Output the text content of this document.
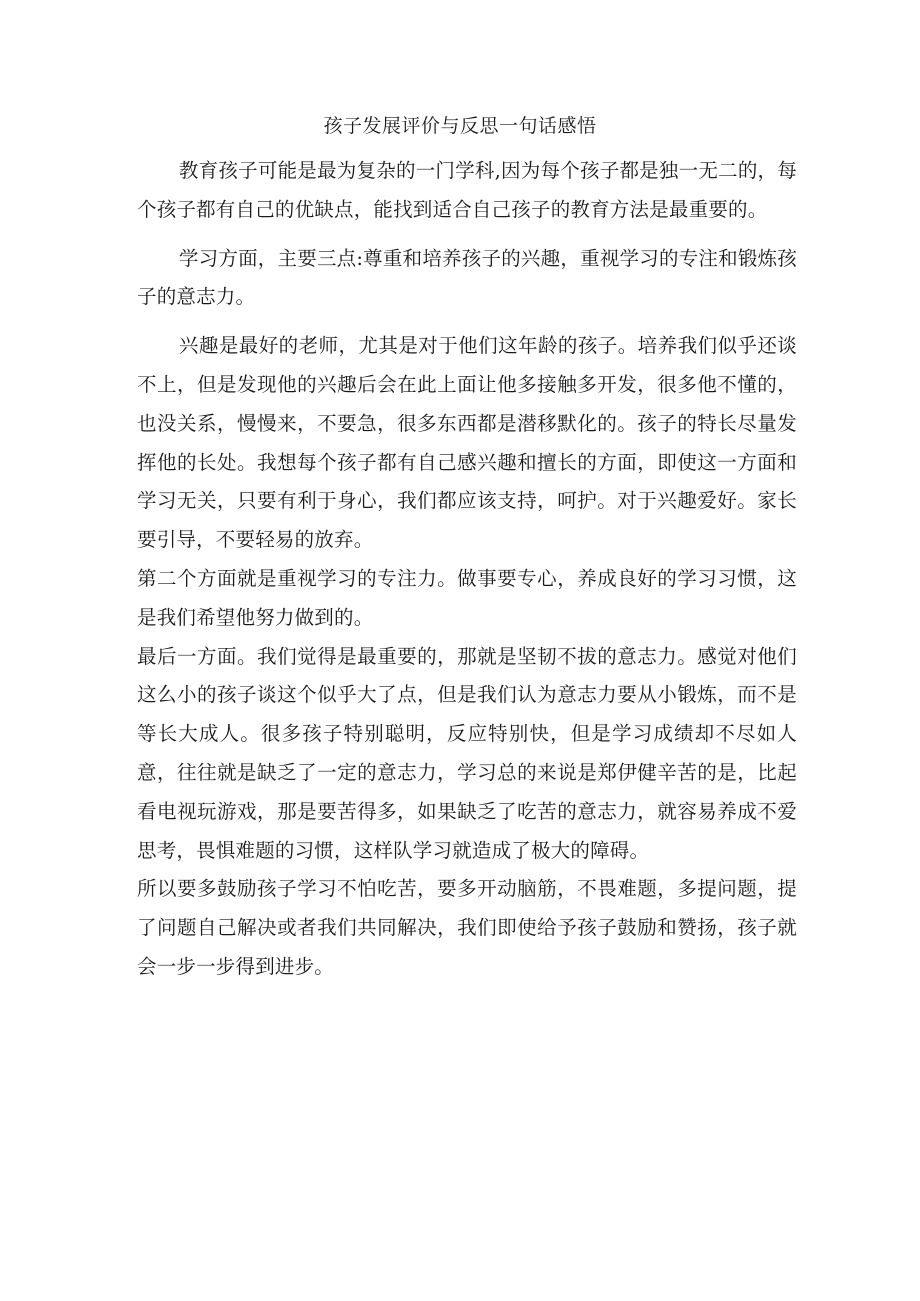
孩子发展评价与反思一句话感悟

教育孩子可能是最为复杂的一门学科,因为每个孩子都是独一无二的，每个孩子都有自己的优缺点，能找到适合自己孩子的教育方法是最重要的。

学习方面，主要三点:尊重和培养孩子的兴趣，重视学习的专注和锻炼孩子的意志力。

兴趣是最好的老师，尤其是对于他们这年龄的孩子。培养我们似乎还谈不上，但是发现他的兴趣后会在此上面让他多接触多开发，很多他不懂的，也没关系，慢慢来，不要急，很多东西都是潜移默化的。孩子的特长尽量发挥他的长处。我想每个孩子都有自己感兴趣和擅长的方面，即使这一方面和学习无关，只要有利于身心，我们都应该支持，呵护。对于兴趣爱好。家长要引导，不要轻易的放弃。

第二个方面就是重视学习的专注力。做事要专心，养成良好的学习习惯，这是我们希望他努力做到的。

最后一方面。我们觉得是最重要的，那就是坚韧不拔的意志力。感觉对他们这么小的孩子谈这个似乎大了点，但是我们认为意志力要从小锻炼，而不是等长大成人。很多孩子特别聪明，反应特别快，但是学习成绩却不尽如人意，往往就是缺乏了一定的意志力，学习总的来说是郑伊健辛苦的是，比起看电视玩游戏，那是要苦得多，如果缺乏了吃苦的意志力，就容易养成不爱思考，畏惧难题的习惯，这样队学习就造成了极大的障碍。

所以要多鼓励孩子学习不怕吃苦，要多开动脑筋，不畏难题，多提问题，提了问题自己解决或者我们共同解决，我们即使给予孩子鼓励和赞扬，孩子就会一步一步得到进步。
